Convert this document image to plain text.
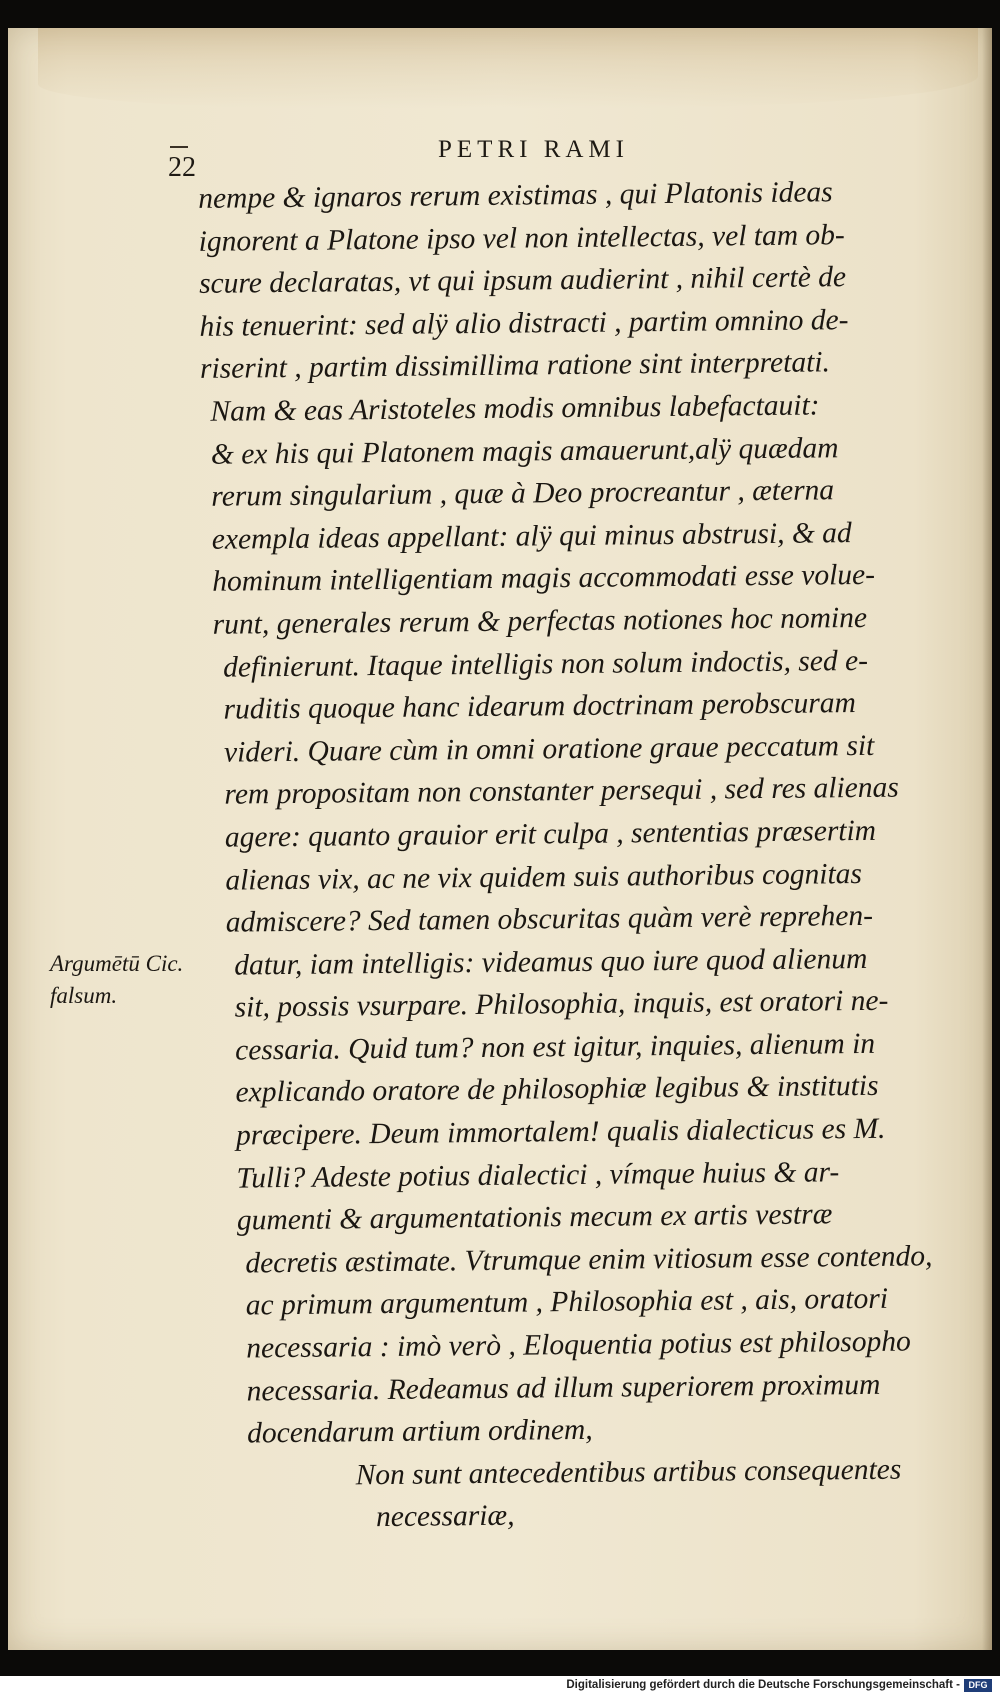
PETRI RAMI
22
Argumētū Cic.
falsum.
nempe & ignaros rerum existimas , qui Platonis ideas
ignorent a Platone ipso vel non intellectas, vel tam ob-
scure declaratas, vt qui ipsum audierint , nihil certè de
his tenuerint: sed alÿ alio distracti , partim omnino de-
riserint , partim dissimillima ratione sint interpretati.
Nam & eas Aristoteles modis omnibus labefactauit:
& ex his qui Platonem magis amauerunt,alÿ quædam
rerum singularium , quæ à Deo procreantur , æterna
exempla ideas appellant: alÿ qui minus abstrusi, & ad
hominum intelligentiam magis accommodati esse volue-
runt, generales rerum & perfectas notiones hoc nomine
definierunt. Itaque intelligis non solum indoctis, sed e-
ruditis quoque hanc idearum doctrinam perobscuram
videri. Quare cùm in omni oratione graue peccatum sit
rem propositam non constanter persequi , sed res alienas
agere: quanto grauior erit culpa , sententias præsertim
alienas vix, ac ne vix quidem suis authoribus cognitas
admiscere? Sed tamen obscuritas quàm verè reprehen-
datur, iam intelligis: videamus quo iure quod alienum
sit, possis vsurpare. Philosophia, inquis, est oratori ne-
cessaria. Quid tum? non est igitur, inquies, alienum in
explicando oratore de philosophiæ legibus & institutis
præcipere. Deum immortalem! qualis dialecticus es M.
Tulli? Adeste potius dialectici , vímque huius & ar-
gumenti & argumentationis mecum ex artis vestræ
decretis æstimate. Vtrumque enim vitiosum esse contendo,
ac primum argumentum , Philosophia est , ais, oratori
necessaria : imò verò , Eloquentia potius est philosopho
necessaria. Redeamus ad illum superiorem proximum
docendarum artium ordinem,
Non sunt antecedentibus artibus consequentes
necessariæ,
Digitalisierung gefördert durch die Deutsche Forschungsgemeinschaft - DFG
